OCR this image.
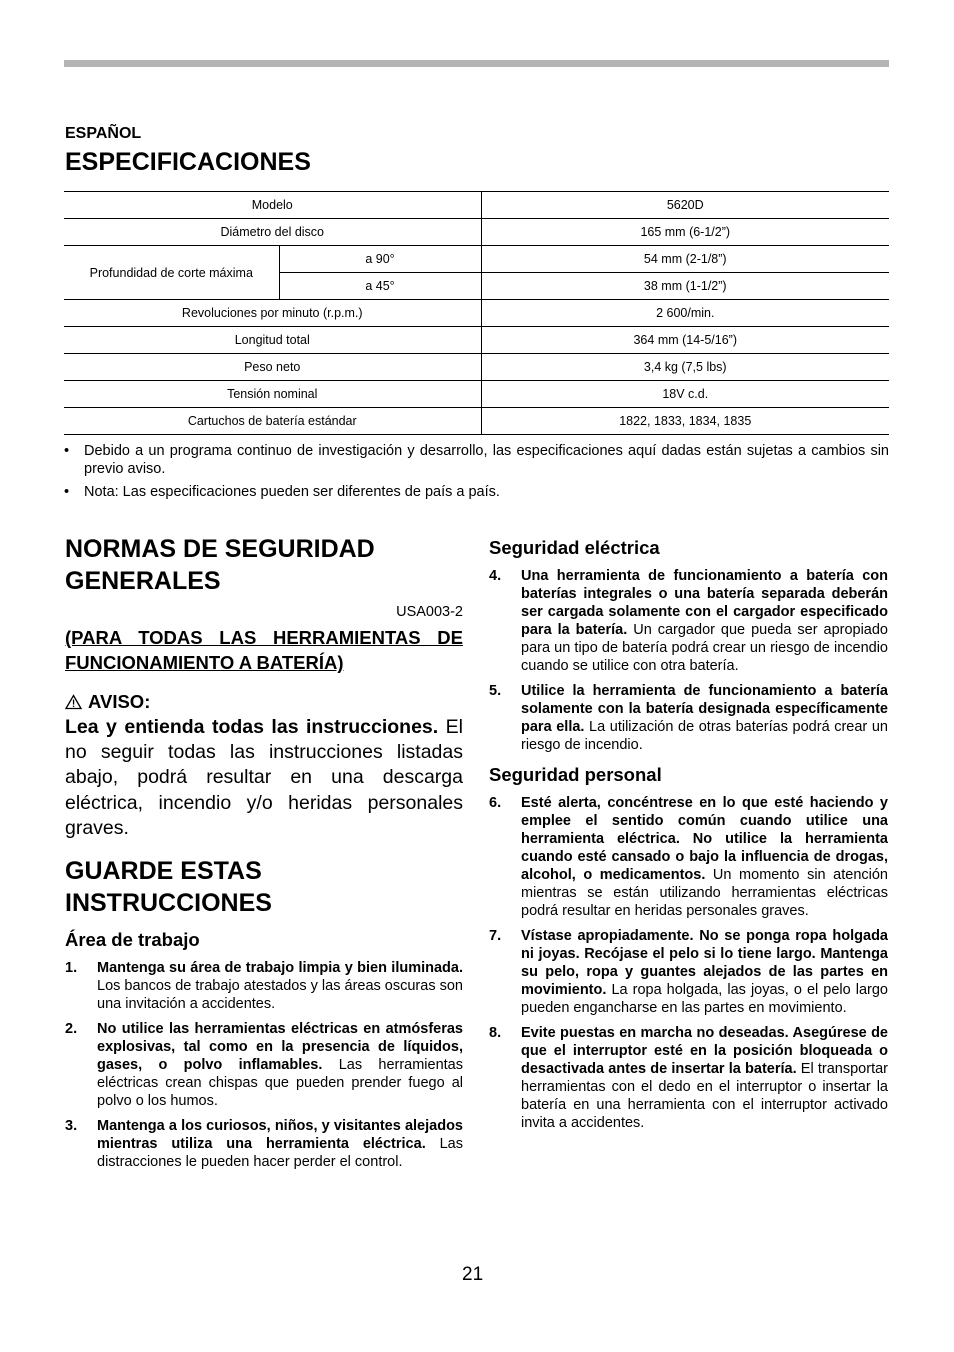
ESPAÑOL
ESPECIFICACIONES
Modelo		5620D
Diámetro del disco		165 mm (6-1/2”)
Profundidad de corte máxima	a 90°	54 mm (2-1/8”)
	a 45°	38 mm (1-1/2”)
Revoluciones por minuto (r.p.m.)		2 600/min.
Longitud total		364 mm (14-5/16”)
Peso neto		3,4 kg (7,5 lbs)
Tensión nominal		18V c.d.
Cartuchos de batería estándar		1822, 1833, 1834, 1835
• Debido a un programa continuo de investigación y desarrollo, las especificaciones aquí dadas están sujetas a cambios sin previo aviso.
• Nota: Las especificaciones pueden ser diferentes de país a país.
NORMAS DE SEGURIDAD GENERALES
USA003-2
(PARA TODAS LAS HERRAMIENTAS DE FUNCIONAMIENTO A BATERÍA)
AVISO:
Lea y entienda todas las instrucciones. El no seguir todas las instrucciones listadas abajo, podrá resultar en una descarga eléctrica, incendio y/o heridas personales graves.
GUARDE ESTAS INSTRUCCIONES
Área de trabajo
1. Mantenga su área de trabajo limpia y bien iluminada. Los bancos de trabajo atestados y las áreas oscuras son una invitación a accidentes.
2. No utilice las herramientas eléctricas en atmósferas explosivas, tal como en la presencia de líquidos, gases, o polvo inflamables. Las herramientas eléctricas crean chispas que pueden prender fuego al polvo o los humos.
3. Mantenga a los curiosos, niños, y visitantes alejados mientras utiliza una herramienta eléctrica. Las distracciones le pueden hacer perder el control.
Seguridad eléctrica
4. Una herramienta de funcionamiento a batería con baterías integrales o una batería separada deberán ser cargada solamente con el cargador especificado para la batería. Un cargador que pueda ser apropiado para un tipo de batería podrá crear un riesgo de incendio cuando se utilice con otra batería.
5. Utilice la herramienta de funcionamiento a batería solamente con la batería designada específicamente para ella. La utilización de otras baterías podrá crear un riesgo de incendio.
Seguridad personal
6. Esté alerta, concéntrese en lo que esté haciendo y emplee el sentido común cuando utilice una herramienta eléctrica. No utilice la herramienta cuando esté cansado o bajo la influencia de drogas, alcohol, o medicamentos. Un momento sin atención mientras se están utilizando herramientas eléctricas podrá resultar en heridas personales graves.
7. Vístase apropiadamente. No se ponga ropa holgada ni joyas. Recójase el pelo si lo tiene largo. Mantenga su pelo, ropa y guantes alejados de las partes en movimiento. La ropa holgada, las joyas, o el pelo largo pueden engancharse en las partes en movimiento.
8. Evite puestas en marcha no deseadas. Asegúrese de que el interruptor esté en la posición bloqueada o desactivada antes de insertar la batería. El transportar herramientas con el dedo en el interruptor o insertar la batería en una herramienta con el interruptor activado invita a accidentes.
21
